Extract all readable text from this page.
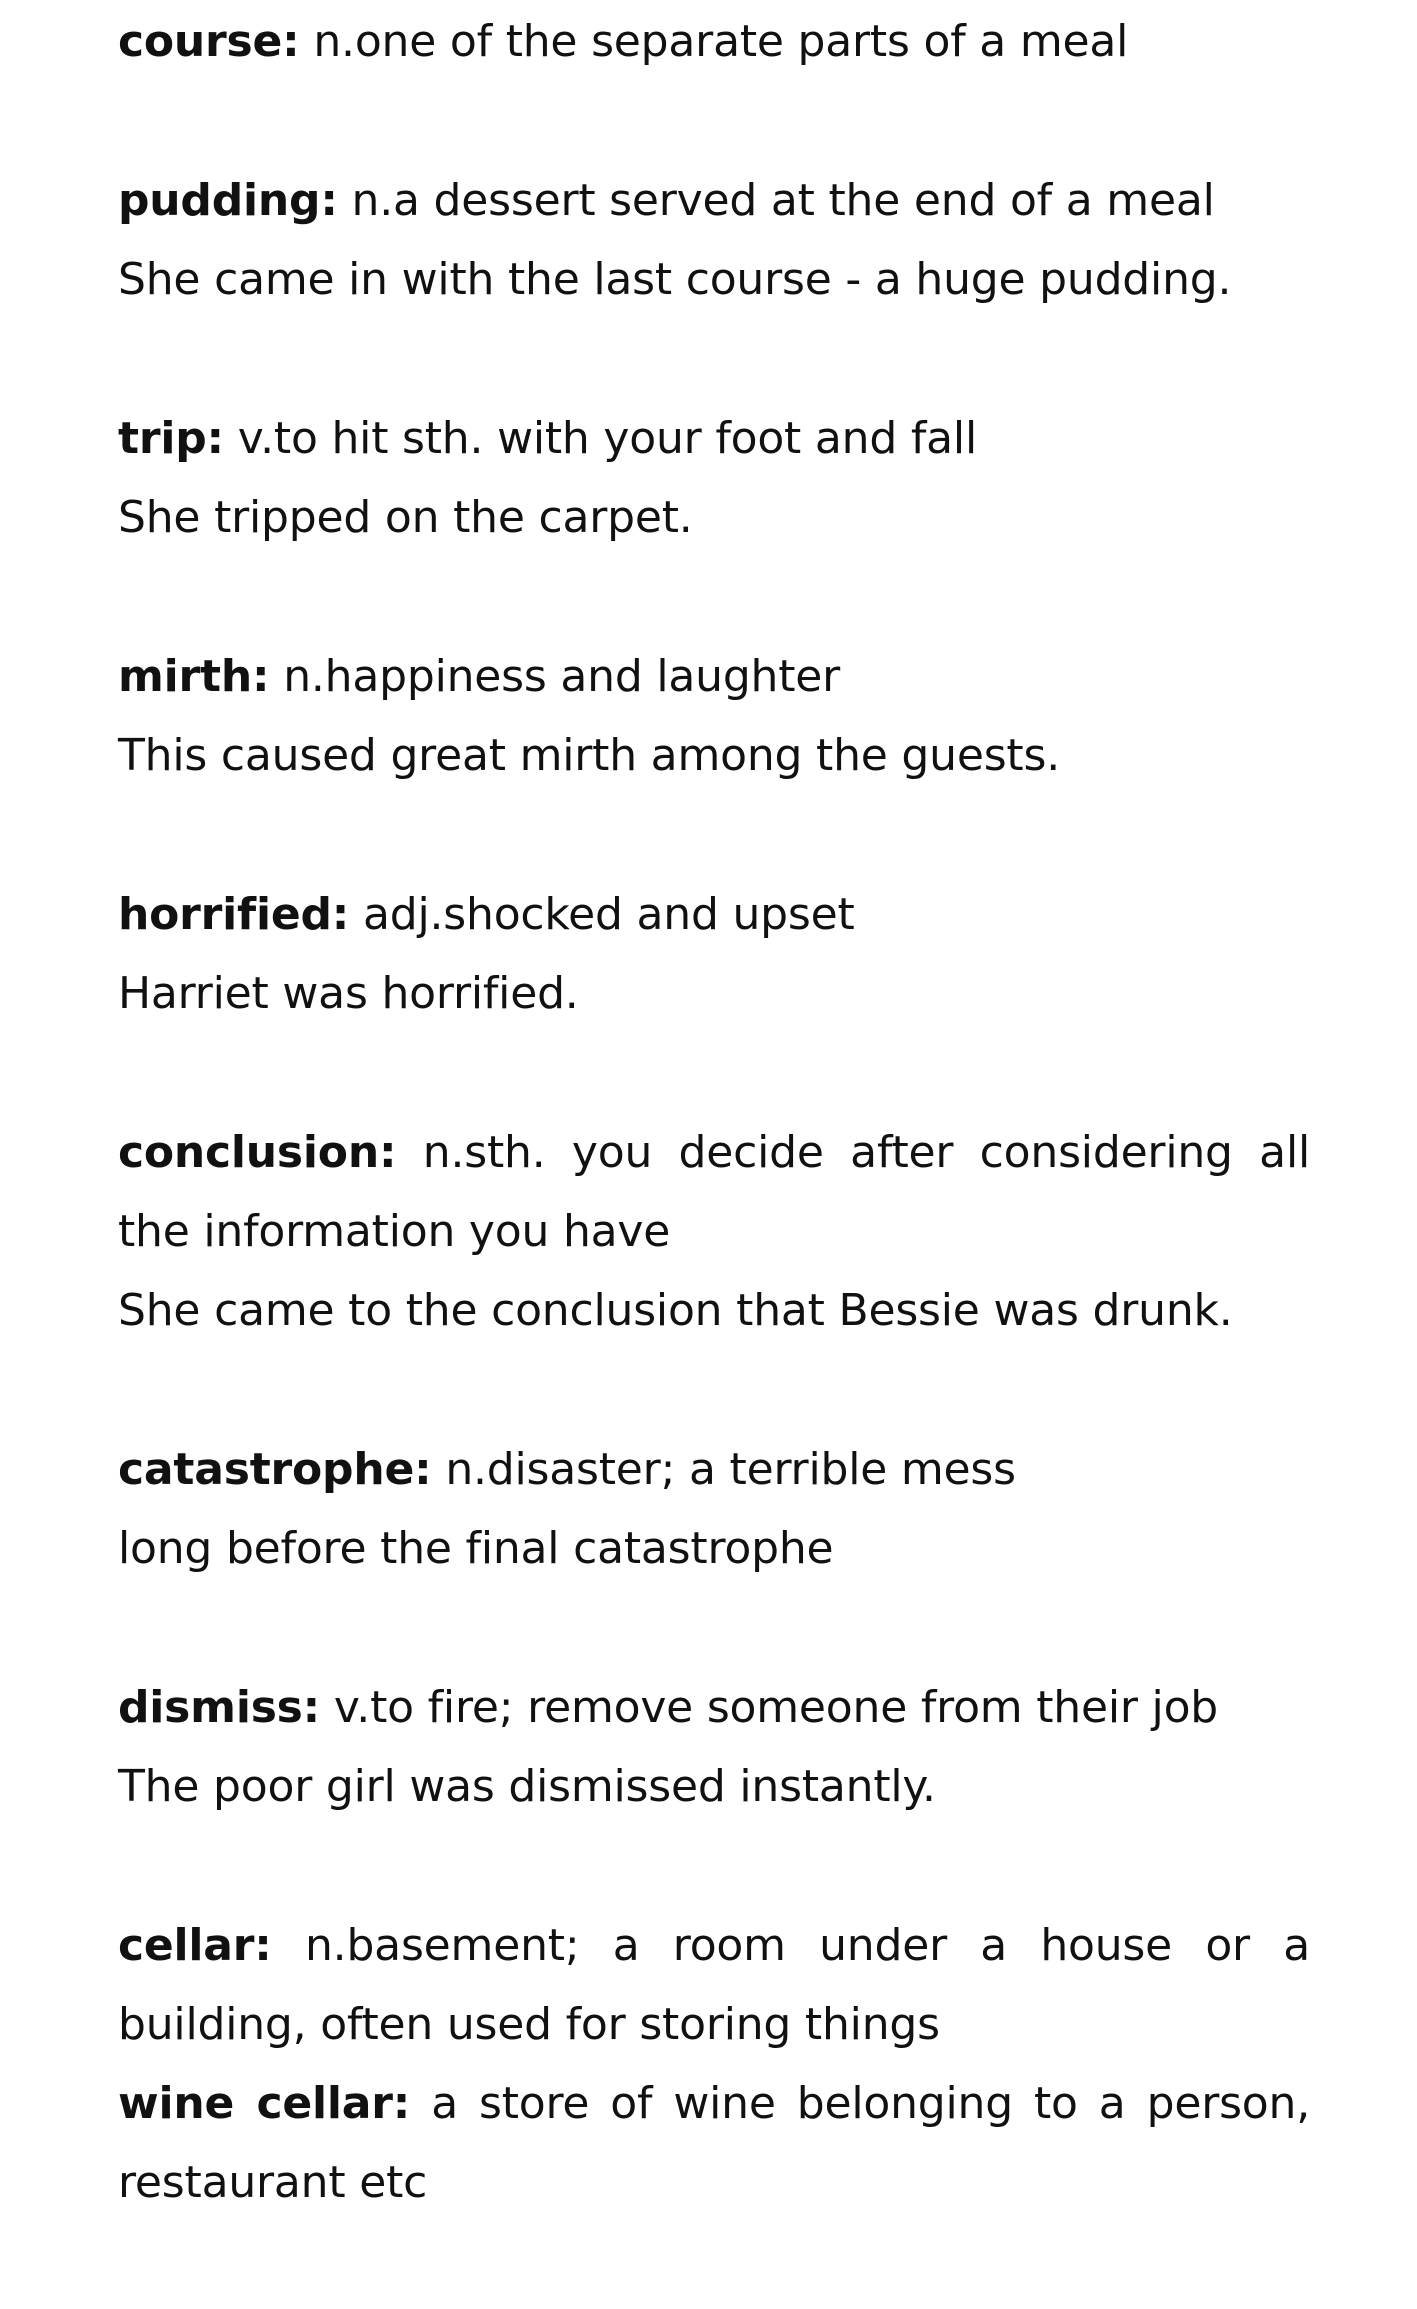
course: n.one of the separate parts of a meal

pudding: n.a dessert served at the end of a meal

She came in with the last course - a huge pudding.

trip: v.to hit sth. with your foot and fall

She tripped on the carpet.

mirth: n.happiness and laughter

This caused great mirth among the guests.

horrified: adj.shocked and upset

Harriet was horrified.

conclusion: n.sth. you decide after considering all the information you have

She came to the conclusion that Bessie was drunk.

catastrophe: n.disaster; a terrible mess

long before the final catastrophe

dismiss: v.to fire; remove someone from their job

The poor girl was dismissed instantly.

cellar: n.basement; a room under a house or a building, often used for storing things

wine cellar: a store of wine belonging to a person, restaurant etc
